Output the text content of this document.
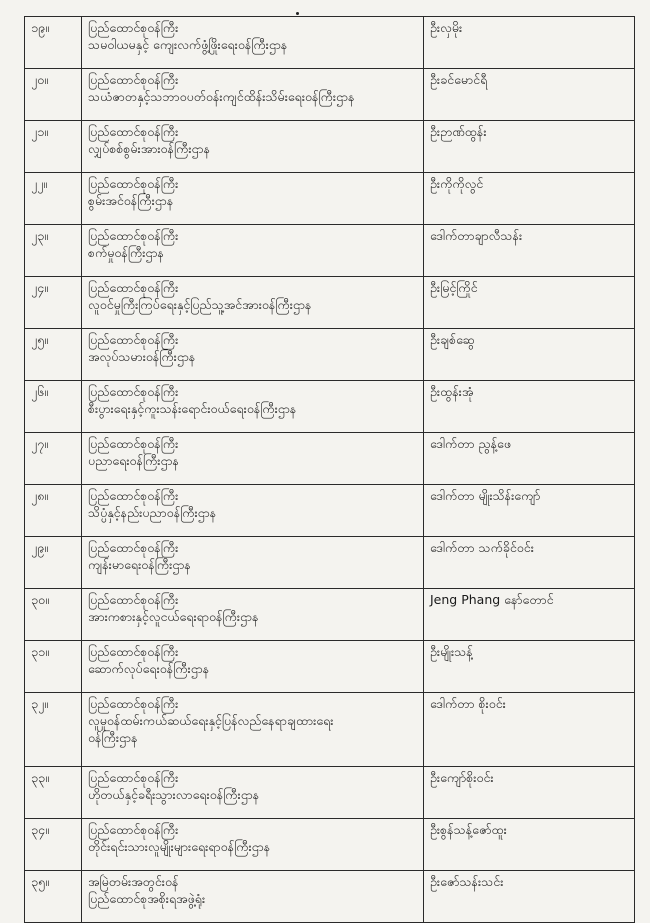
၁၉။	ပြည်ထောင်စုဝန်ကြီး
သမဝါယမနှင့် ကျေးလက်ဖွံ့ဖြိုးရေးဝန်ကြီးဌာန	ဦးလှမိုး

၂၀။	ပြည်ထောင်စုဝန်ကြီး
သယံဇာတနှင့်သဘာဝပတ်ဝန်းကျင်ထိန်းသိမ်းရေးဝန်ကြီးဌာန	ဦးခင်မောင်ရီ

၂၁။	ပြည်ထောင်စုဝန်ကြီး
လျှပ်စစ်စွမ်းအားဝန်ကြီးဌာန	ဦးဉာဏ်ထွန်း

၂၂။	ပြည်ထောင်စုဝန်ကြီး
စွမ်းအင်ဝန်ကြီးဌာန	ဦးကိုကိုလွင်

၂၃။	ပြည်ထောင်စုဝန်ကြီး
စက်မှုဝန်ကြီးဌာန	ဒေါက်တာချာလီသန်း

၂၄။	ပြည်ထောင်စုဝန်ကြီး
လူဝင်မှုကြီးကြပ်ရေးနှင့်ပြည်သူ့အင်အားဝန်ကြီးဌာန	ဦးမြင့်ကြိုင်

၂၅။	ပြည်ထောင်စုဝန်ကြီး
အလုပ်သမားဝန်ကြီးဌာန	ဦးချစ်ဆွေ

၂၆။	ပြည်ထောင်စုဝန်ကြီး
စီးပွားရေးနှင့်ကူးသန်းရောင်းဝယ်ရေးဝန်ကြီးဌာန	ဦးထွန်းအုံ

၂၇။	ပြည်ထောင်စုဝန်ကြီး
ပညာရေးဝန်ကြီးဌာန	ဒေါက်တာ ညွန့်ဖေ

၂၈။	ပြည်ထောင်စုဝန်ကြီး
သိပ္ပံနှင့်နည်းပညာဝန်ကြီးဌာန	ဒေါက်တာ မျိုးသိန်းကျော်

၂၉။	ပြည်ထောင်စုဝန်ကြီး
ကျန်းမာရေးဝန်ကြီးဌာန	ဒေါက်တာ သက်ခိုင်ဝင်း

၃၀။	ပြည်ထောင်စုဝန်ကြီး
အားကစားနှင့်လူငယ်ရေးရာဝန်ကြီးဌာန	Jeng Phang နော်တောင်

၃၁။	ပြည်ထောင်စုဝန်ကြီး
ဆောက်လုပ်ရေးဝန်ကြီးဌာန	ဦးမျိုးသန့်

၃၂။	ပြည်ထောင်စုဝန်ကြီး
လူမှုဝန်ထမ်းကယ်ဆယ်ရေးနှင့်ပြန်လည်နေရာချထားရေး
ဝန်ကြီးဌာန	ဒေါက်တာ စိုးဝင်း

၃၃။	ပြည်ထောင်စုဝန်ကြီး
ဟိုတယ်နှင့်ခရီးသွားလာရေးဝန်ကြီးဌာန	ဦးကျော်စိုးဝင်း

၃၄။	ပြည်ထောင်စုဝန်ကြီး
တိုင်းရင်းသားလူမျိုးများရေးရာဝန်ကြီးဌာန	ဦးစွန်သန့်ဇော်ထူး

၃၅။	အမြဲတမ်းအတွင်းဝန်
ပြည်ထောင်စုအစိုးရအဖွဲ့ရုံး	ဦးဇော်သန်းသင်း
